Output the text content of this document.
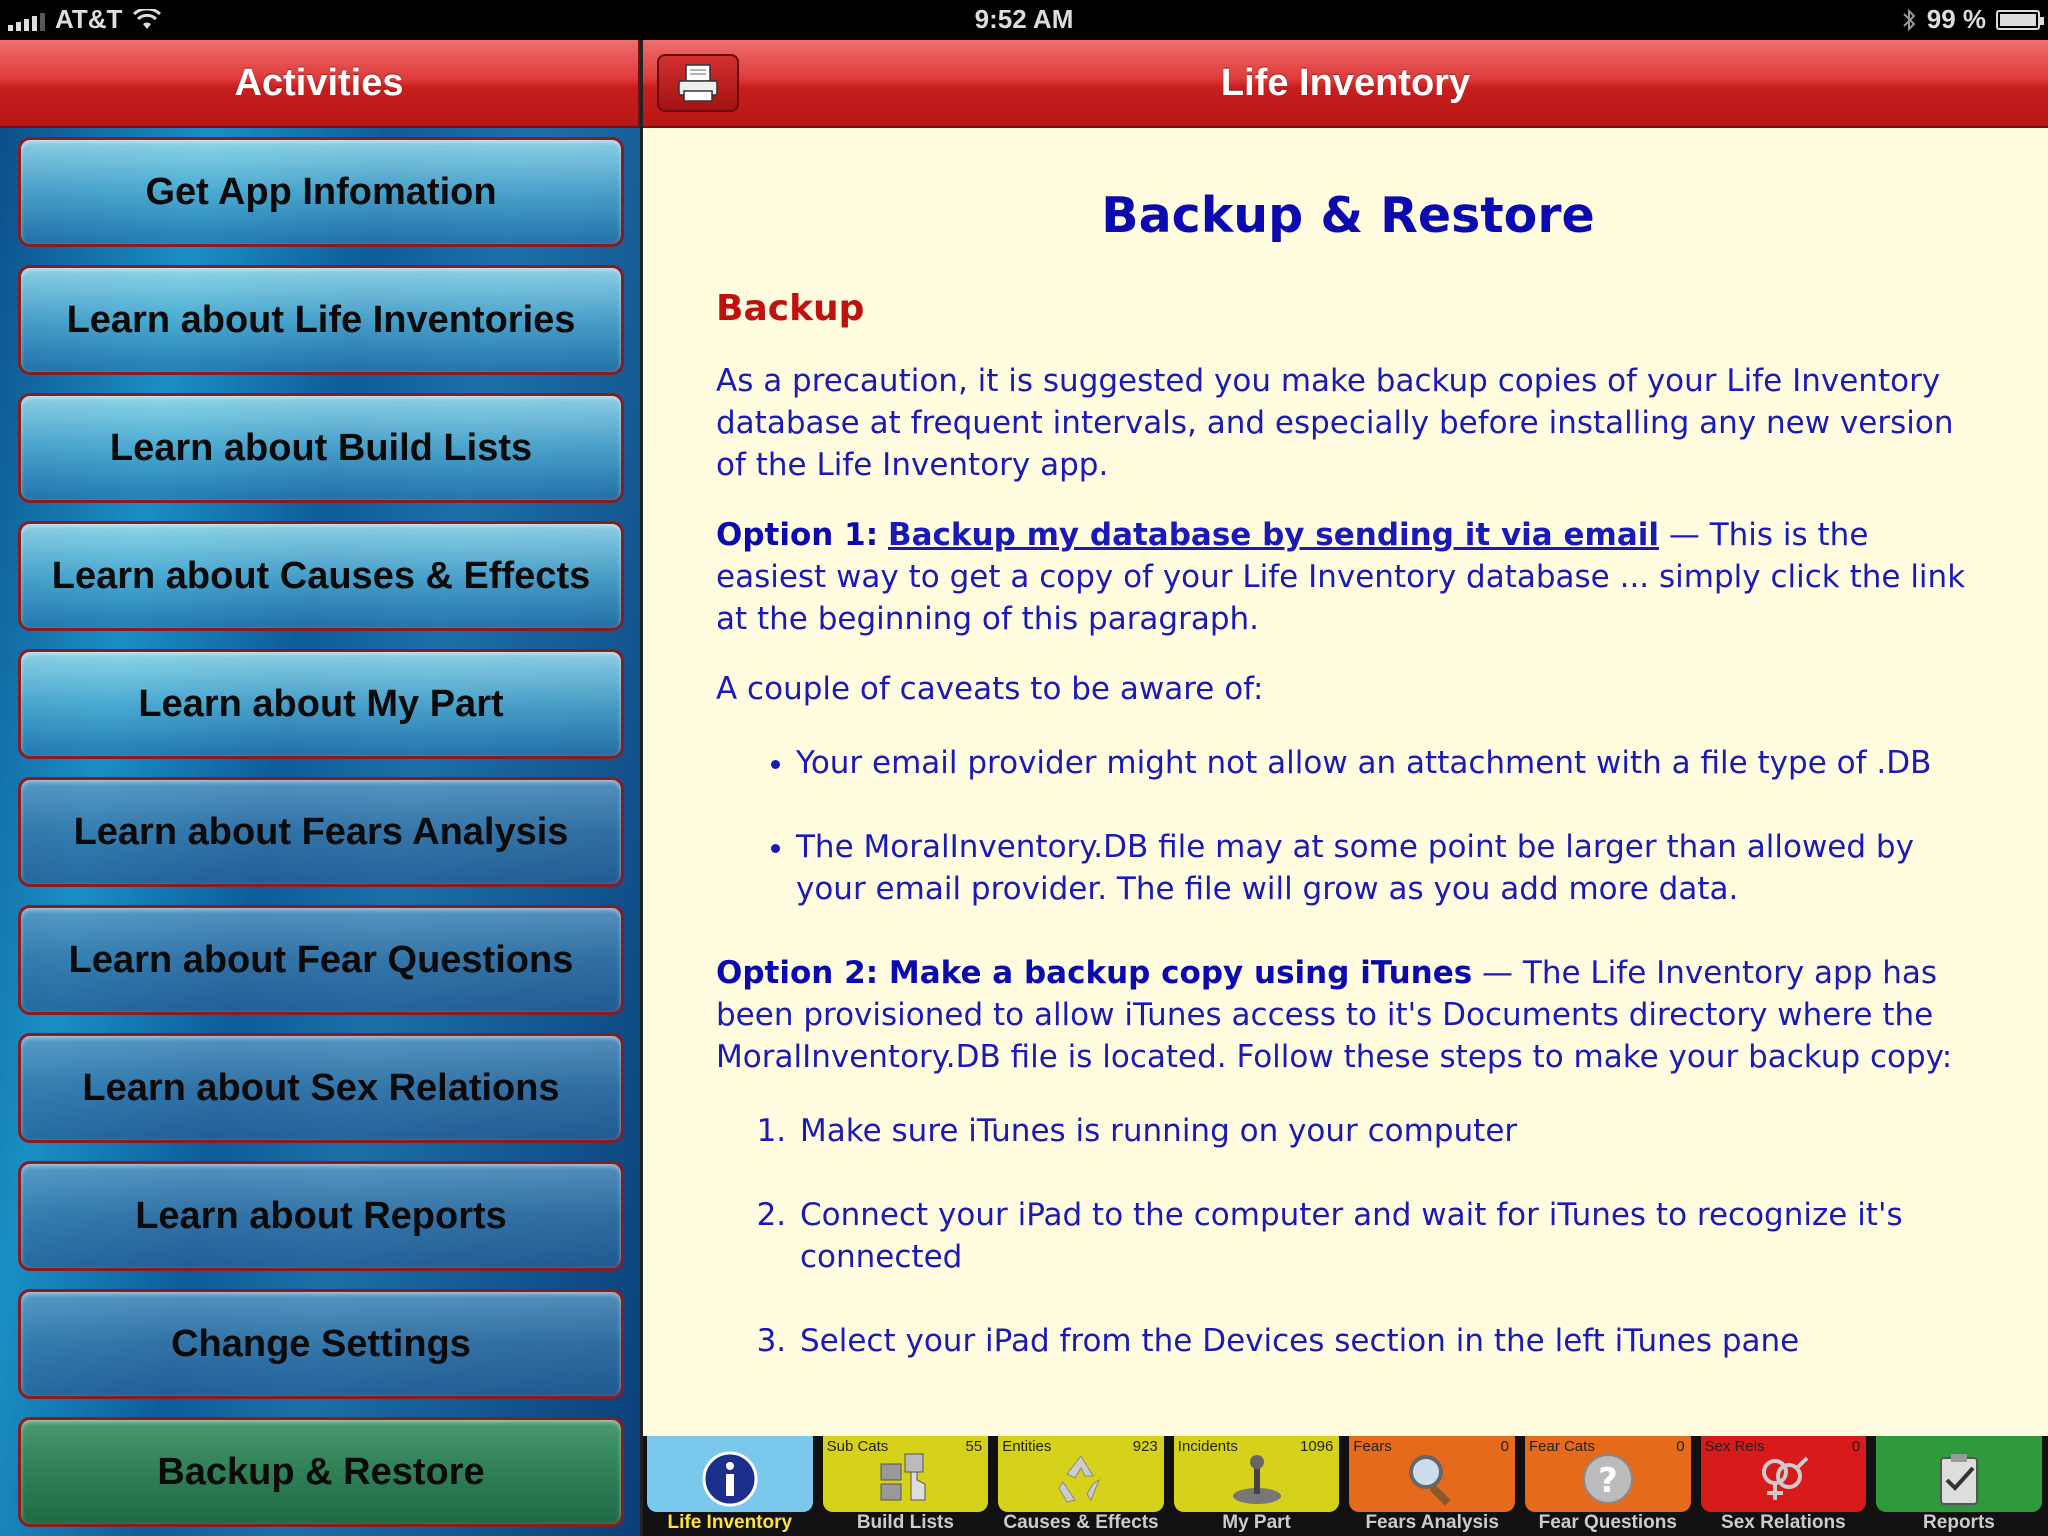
AT&T	9:52 AM	99 %
Activities
Get App Infomation
Learn about Life Inventories
Learn about Build Lists
Learn about Causes & Effects
Learn about My Part
Learn about Fears Analysis
Learn about Fear Questions
Learn about Sex Relations
Learn about Reports
Change Settings
Backup & Restore
Life Inventory
Backup & Restore
Backup

As a precaution, it is suggested you make backup copies of your Life Inventory database at frequent intervals, and especially before installing any new version of the Life Inventory app.

Option 1: Backup my database by sending it via email — This is the easiest way to get a copy of your Life Inventory database ... simply click the link at the beginning of this paragraph.

A couple of caveats to be aware of:

• Your email provider might not allow an attachment with a file type of .DB
• The MoralInventory.DB file may at some point be larger than allowed by your email provider. The file will grow as you add more data.

Option 2: Make a backup copy using iTunes — The Life Inventory app has been provisioned to allow iTunes access to it's Documents directory where the MoralInventory.DB file is located. Follow these steps to make your backup copy:

1. Make sure iTunes is running on your computer
2. Connect your iPad to the computer and wait for iTunes to recognize it's connected
3. Select your iPad from the Devices section in the left iTunes pane
Life Inventory
Sub Cats	55
Build Lists
Entities	923
Causes & Effects
Incidents	1096
My Part
Fears	0
Fears Analysis
Fear Cats	0
?
Fear Questions
Sex Rels	0
Sex Relations	Reports
